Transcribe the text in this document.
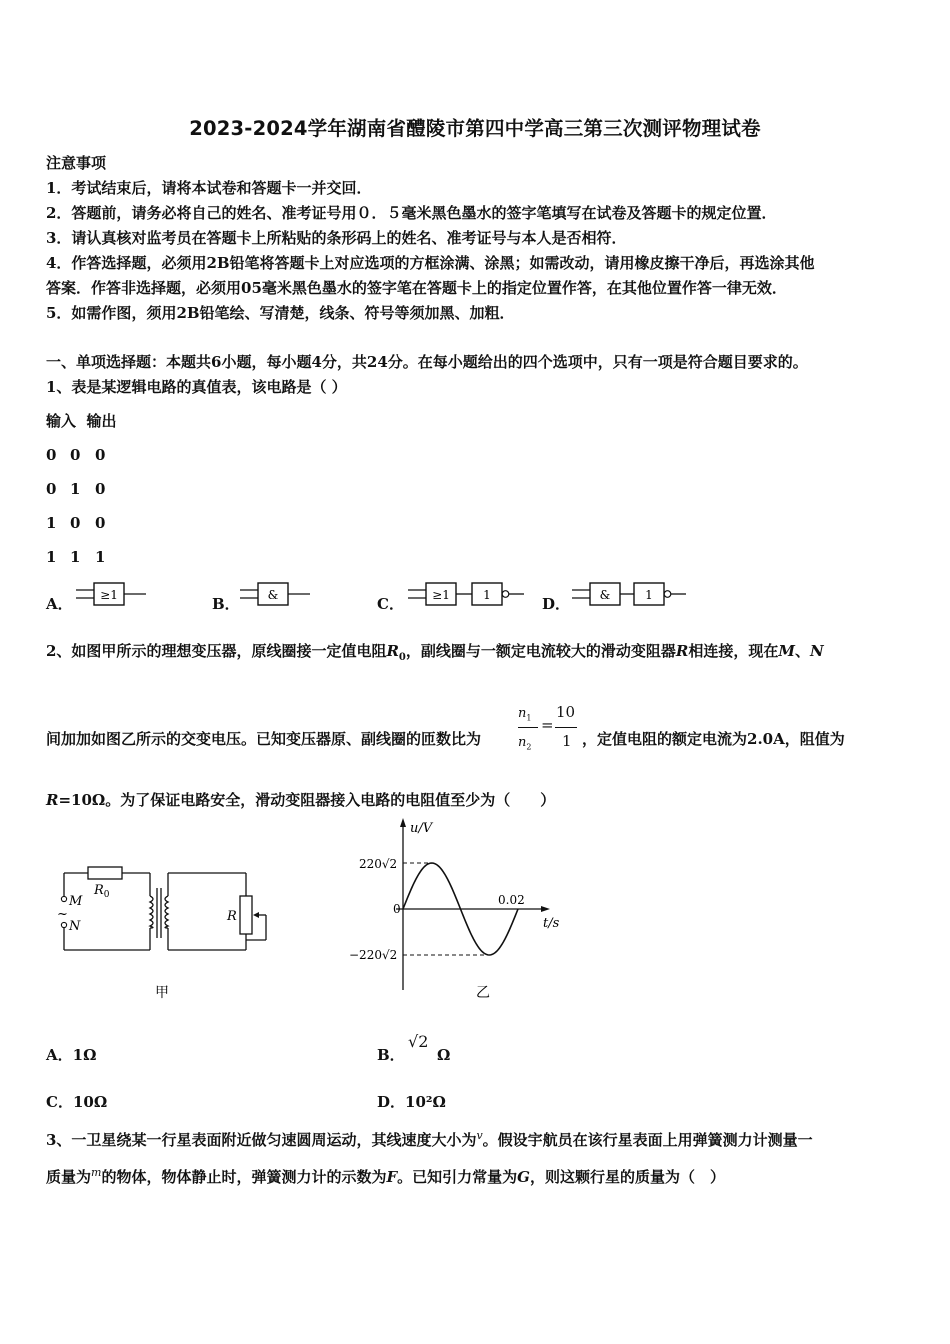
2023-2024学年湖南省醴陵市第四中学高三第三次测评物理试卷
注意事项
1．考试结束后，请将本试卷和答题卡一并交回．
2．答题前，请务必将自己的姓名、准考证号用０．５毫米黑色墨水的签字笔填写在试卷及答题卡的规定位置．
3．请认真核对监考员在答题卡上所粘贴的条形码上的姓名、准考证号与本人是否相符．
4．作答选择题，必须用2B铅笔将答题卡上对应选项的方框涂满、涂黑；如需改动，请用橡皮擦干净后，再选涂其他
答案．作答非选择题，必须用05毫米黑色墨水的签字笔在答题卡上的指定位置作答，在其他位置作答一律无效．
5．如需作图，须用2B铅笔绘、写清楚，线条、符号等须加黑、加粗．
一、单项选择题：本题共6小题，每小题4分，共24分。在每小题给出的四个选项中，只有一项是符合题目要求的。
1、表是某逻辑电路的真值表，该电路是（ ）
输入  输出
0 0 0
0 1 0
1 0 0
1 1 1
A． ≥1	B． &	C． ≥1	1	D． &	1
2、如图甲所示的理想变压器，原线圈接一定值电阻$R_0$，副线圈与一额定电流较大的滑动变阻器R相连接，现在M、N
间加加如图乙所示的交变电压。已知变压器原、副线圈的匝数比为
$n_1$
$n_2$
=
10
1 ，定值电阻的额定电流为2.0A，阻值为
R=10Ω。为了保证电路安全，滑动变阻器接入电路的电阻值至少为（　　）
M
~
N
$R_0$
R
甲
u/V
220√2
0
−220√2
0.02
t/s
乙
A．1Ω	B．
√2
Ω
C．10Ω	D．10²Ω
3、一卫星绕某一行星表面附近做匀速圆周运动，其线速度大小为$^v$。假设宇航员在该行星表面上用弹簧测力计测量一
质量为$^m$的物体，物体静止时，弹簧测力计的示数为F。已知引力常量为G，则这颗行星的质量为（　）
